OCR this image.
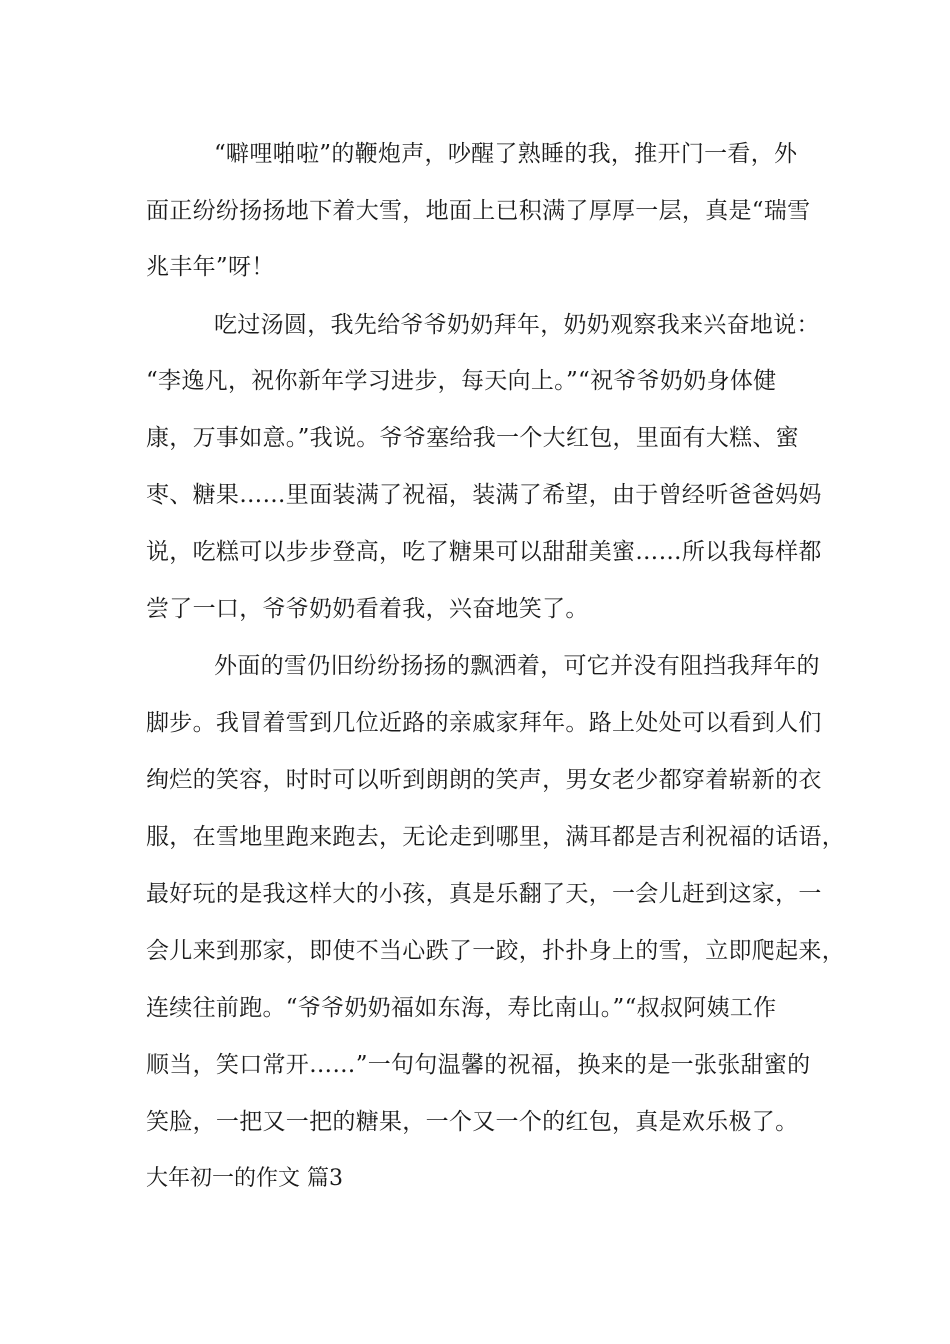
“噼哩啪啦”的鞭炮声，吵醒了熟睡的我，推开门一看，外
面正纷纷扬扬地下着大雪，地面上已积满了厚厚一层，真是“瑞雪
兆丰年”呀！
吃过汤圆，我先给爷爷奶奶拜年，奶奶观察我来兴奋地说：
“李逸凡，祝你新年学习进步，每天向上。”“祝爷爷奶奶身体健
康，万事如意。”我说。爷爷塞给我一个大红包，里面有大糕、蜜
枣、糖果……里面装满了祝福，装满了希望，由于曾经听爸爸妈妈
说，吃糕可以步步登高，吃了糖果可以甜甜美蜜……所以我每样都
尝了一口，爷爷奶奶看着我，兴奋地笑了。
外面的雪仍旧纷纷扬扬的飘洒着，可它并没有阻挡我拜年的
脚步。我冒着雪到几位近路的亲戚家拜年。路上处处可以看到人们
绚烂的笑容，时时可以听到朗朗的笑声，男女老少都穿着崭新的衣
服，在雪地里跑来跑去，无论走到哪里，满耳都是吉利祝福的话语，
最好玩的是我这样大的小孩，真是乐翻了天，一会儿赶到这家，一
会儿来到那家，即使不当心跌了一跤，扑扑身上的雪，立即爬起来，
连续往前跑。“爷爷奶奶福如东海，寿比南山。”“叔叔阿姨工作
顺当，笑口常开……”一句句温馨的祝福，换来的是一张张甜蜜的
笑脸，一把又一把的糖果，一个又一个的红包，真是欢乐极了。
大年初一的作文 篇3
